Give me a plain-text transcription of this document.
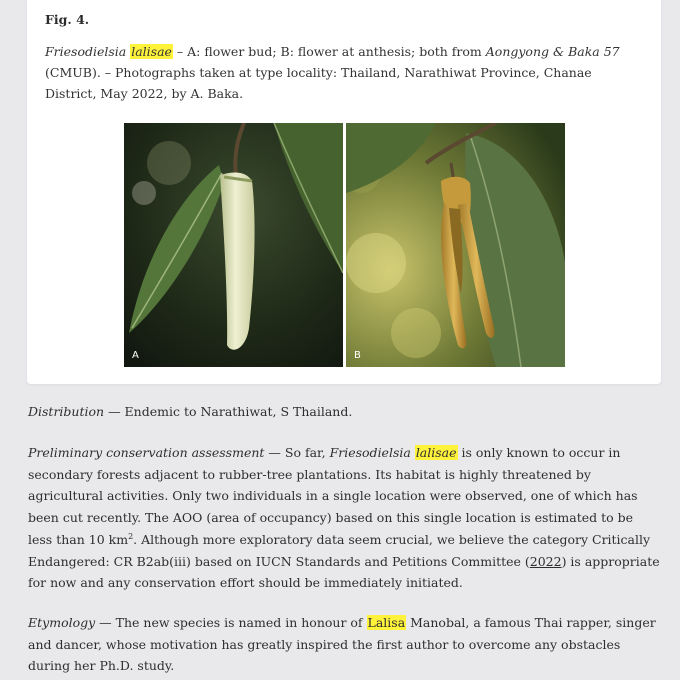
Fig. 4.
Friesodielsia lalisae – A: flower bud; B: flower at anthesis; both from Aongyong & Baka 57 (CMUB). – Photographs taken at type locality: Thailand, Narathiwat Province, Chanae District, May 2022, by A. Baka.
A	B
Distribution — Endemic to Narathiwat, S Thailand.
Preliminary conservation assessment — So far, Friesodielsia lalisae is only known to occur in secondary forests adjacent to rubber-tree plantations. Its habitat is highly threatened by agricultural activities. Only two individuals in a single location were observed, one of which has been cut recently. The AOO (area of occupancy) based on this single location is estimated to be less than 10 $km^2$. Although more exploratory data seem crucial, we believe the category Critically Endangered: CR B2ab(iii) based on IUCN Standards and Petitions Committee (2022) is appropriate for now and any conservation effort should be immediately initiated.
Etymology — The new species is named in honour of Lalisa Manobal, a famous Thai rapper, singer and dancer, whose motivation has greatly inspired the first author to overcome any obstacles during her Ph.D. study.
